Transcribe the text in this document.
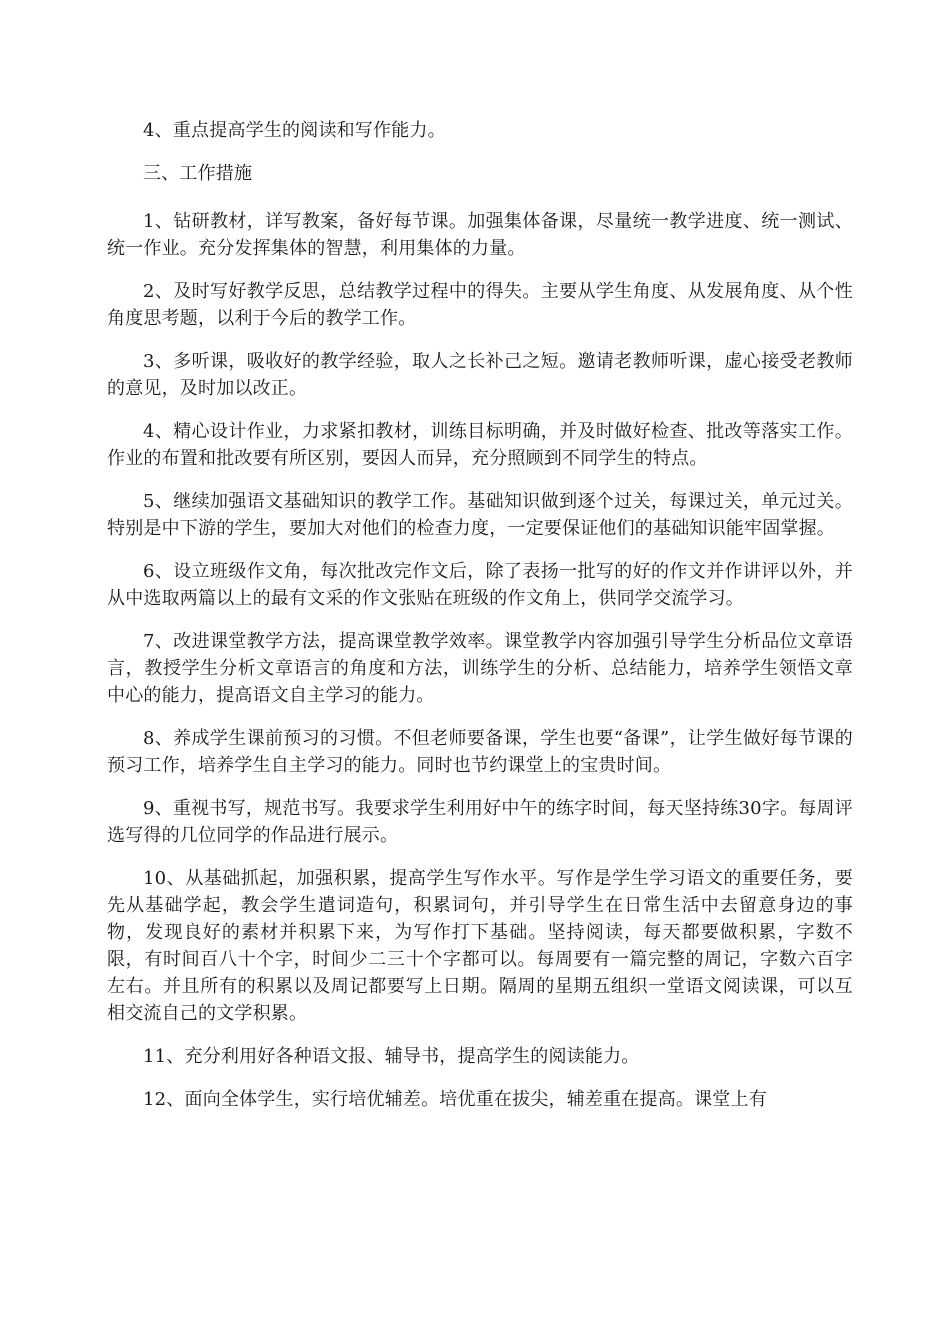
4、重点提高学生的阅读和写作能力。

三、工作措施

1、钻研教材，详写教案，备好每节课。加强集体备课，尽量统一教学进度、统一测试、统一作业。充分发挥集体的智慧，利用集体的力量。

2、及时写好教学反思，总结教学过程中的得失。主要从学生角度、从发展角度、从个性角度思考题，以利于今后的教学工作。

3、多听课，吸收好的教学经验，取人之长补己之短。邀请老教师听课，虚心接受老教师的意见，及时加以改正。

4、精心设计作业，力求紧扣教材，训练目标明确，并及时做好检查、批改等落实工作。作业的布置和批改要有所区别，要因人而异，充分照顾到不同学生的特点。

5、继续加强语文基础知识的教学工作。基础知识做到逐个过关，每课过关，单元过关。特别是中下游的学生，要加大对他们的检查力度，一定要保证他们的基础知识能牢固掌握。

6、设立班级作文角，每次批改完作文后，除了表扬一批写的好的作文并作讲评以外，并从中选取两篇以上的最有文采的作文张贴在班级的作文角上，供同学交流学习。

7、改进课堂教学方法，提高课堂教学效率。课堂教学内容加强引导学生分析品位文章语言，教授学生分析文章语言的角度和方法，训练学生的分析、总结能力，培养学生领悟文章中心的能力，提高语文自主学习的能力。

8、养成学生课前预习的习惯。不但老师要备课，学生也要“备课”，让学生做好每节课的预习工作，培养学生自主学习的能力。同时也节约课堂上的宝贵时间。

9、重视书写，规范书写。我要求学生利用好中午的练字时间，每天坚持练30字。每周评选写得的几位同学的作品进行展示。

10、从基础抓起，加强积累，提高学生写作水平。写作是学生学习语文的重要任务，要先从基础学起，教会学生遣词造句，积累词句，并引导学生在日常生活中去留意身边的事物，发现良好的素材并积累下来，为写作打下基础。坚持阅读，每天都要做积累，字数不限，有时间百八十个字，时间少二三十个字都可以。每周要有一篇完整的周记，字数六百字左右。并且所有的积累以及周记都要写上日期。隔周的星期五组织一堂语文阅读课，可以互相交流自己的文学积累。

11、充分利用好各种语文报、辅导书，提高学生的阅读能力。

12、面向全体学生，实行培优辅差。培优重在拔尖，辅差重在提高。课堂上有
